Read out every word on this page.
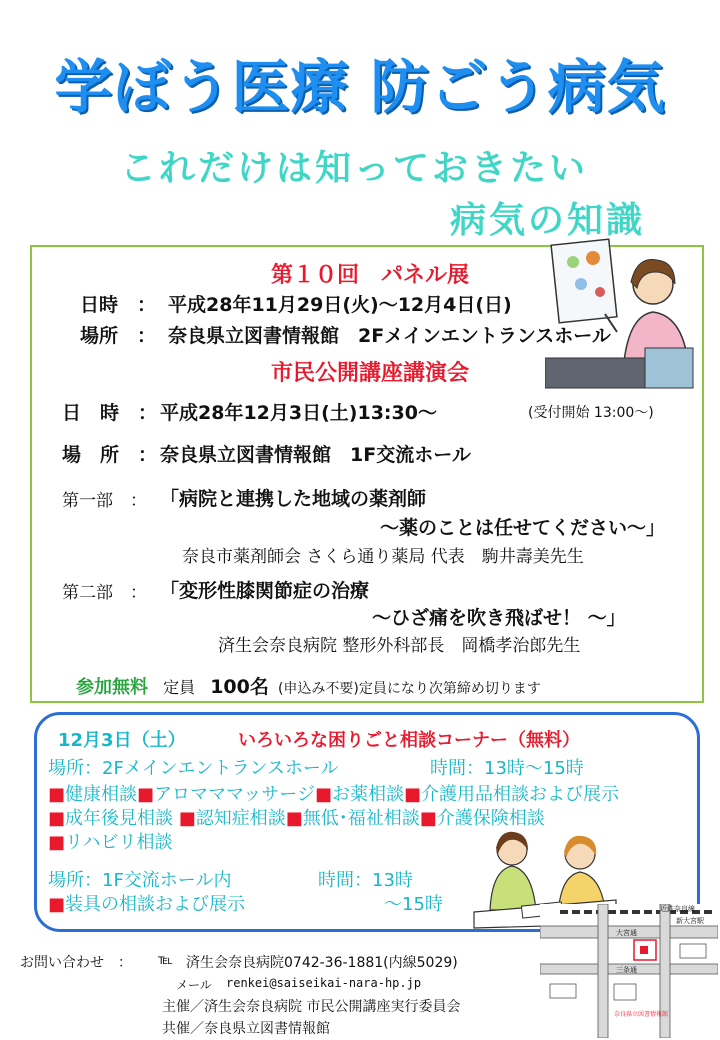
学ぼう医療 防ごう病気
これだけは知っておきたい
病気の知識
第１０回　パネル展
日時　： 平成28年11月29日(火)～12月4日(日)
場所　： 奈良県立図書情報館　2Fメインエントランスホール
市民公開講座講演会
日　時　： 平成28年12月3日(土)13:30～	(受付開始 13:00～)
場　所　： 奈良県立図書情報館　1F交流ホール
第一部　： 「病院と連携した地域の薬剤師
～薬のことは任せてください～」
奈良市薬剤師会 さくら通り薬局 代表　駒井壽美先生
第二部　： 「変形性膝関節症の治療
～ひざ痛を吹き飛ばせ！ ～」
済生会奈良病院 整形外科部長　岡橋孝治郎先生
参加無料 定員 100名 (申込み不要)定員になり次第締め切ります
12月3日（土）	いろいろな困りごと相談コーナー（無料）
場所：2Fメインエントランスホール	時間：13時～15時
■健康相談■アロマママッサージ■お薬相談■介護用品相談および展示
■成年後見相談 ■認知症相談■無低･福祉相談■介護保険相談
■リハビリ相談
場所：1F交流ホール内	時間：13時
■装具の相談および展示	～15時
お問い合わせ　： ℡ 済生会奈良病院0742-36-1881(内線5029)
メール renkei@saiseikai-nara-hp.jp
主催／済生会奈良病院 市民公開講座実行委員会
共催／奈良県立図書情報館
近鉄奈良線
新大宮駅
大宮通
三条通
奈良県立図書情報館
